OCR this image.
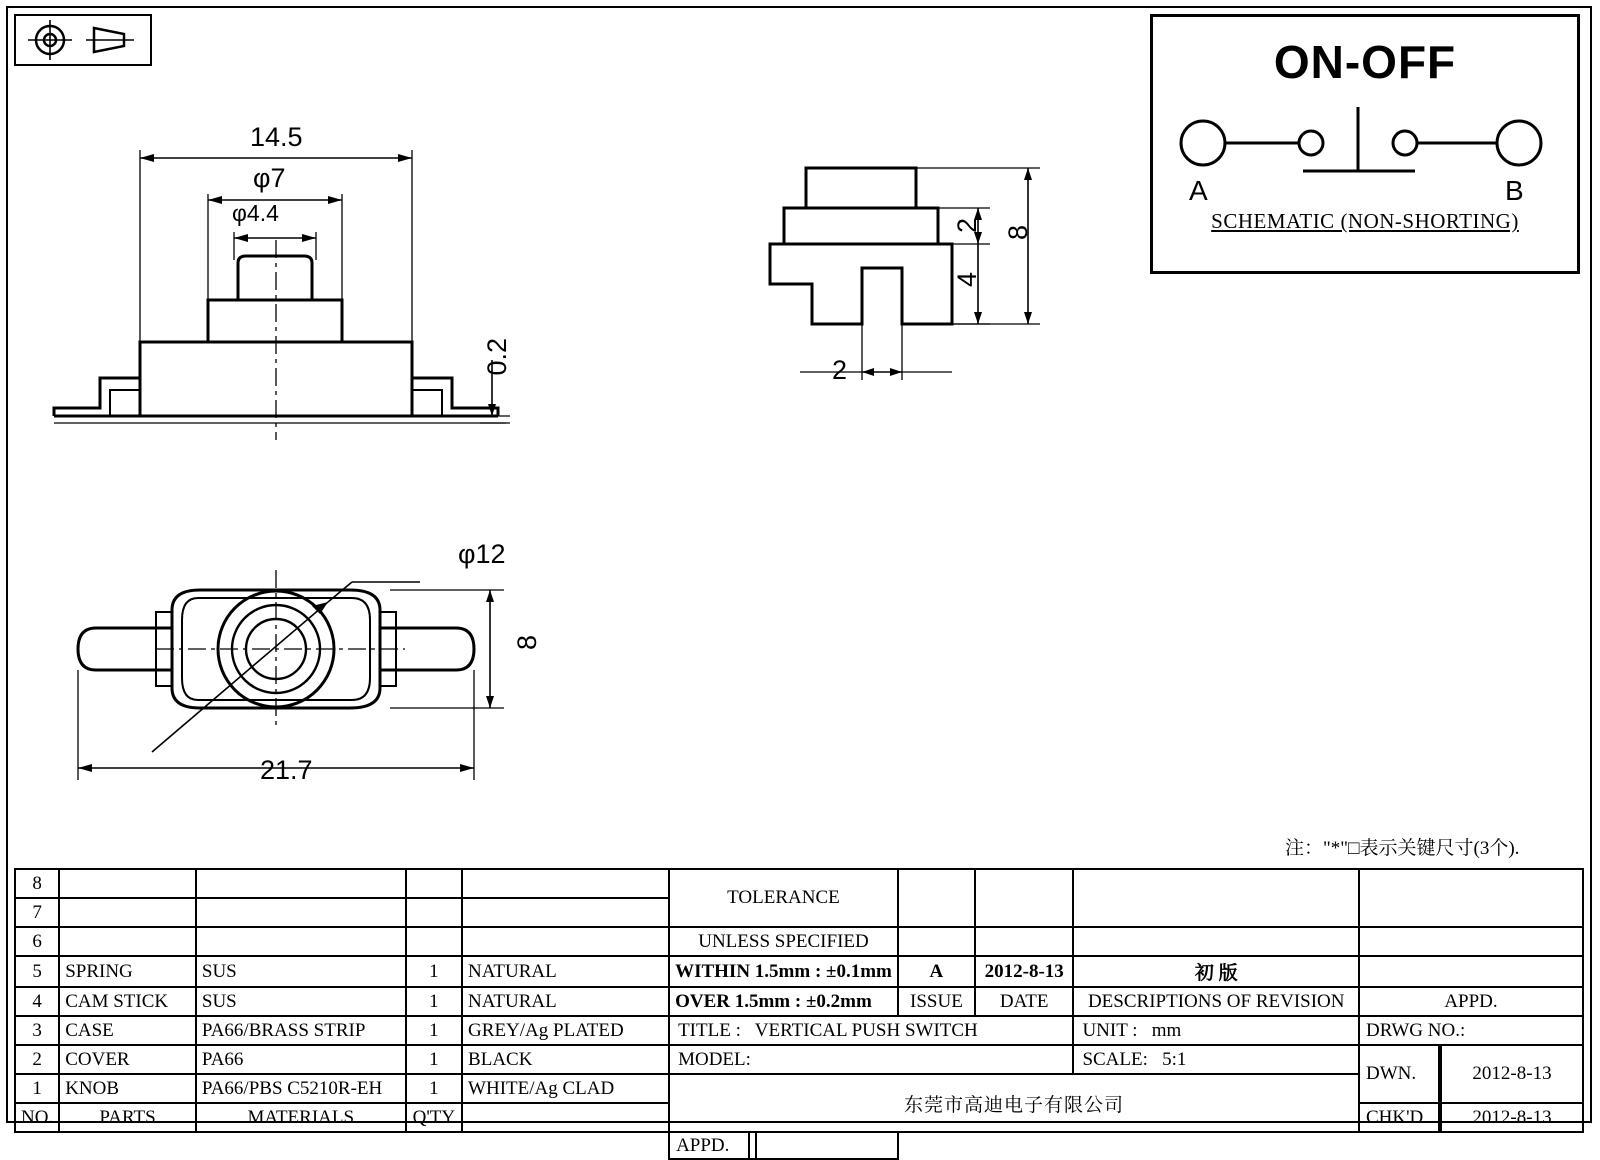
14.5
φ7
φ4.4
0.2
2
4
8
2
φ12
8
21.7
ON-OFF
A	B
SCHEMATIC (NON-SHORTING)
注："*"□表示关键尺寸(3个).
8					TOLERANCE				
7									
6					UNLESS SPECIFIED				
5	SPRING	SUS	1	NATURAL	WITHIN 1.5mm : ±0.1mm	A	2012-8-13	初 版	
4	CAM STICK	SUS	1	NATURAL	OVER 1.5mm : ±0.2mm	ISSUE	DATE	DESCRIPTIONS OF REVISION	APPD.
3	CASE	PA66/BRASS STRIP	1	GREY/Ag PLATED	TITLE : VERTICAL PUSH SWITCH			UNIT : mm	DRWG NO.:
2	COVER	PA66	1	BLACK	MODEL:			SCALE: 5:1	DWN. 2012-8-13

1	KNOB	PA66/PBS C5210R-EH	1	WHITE/Ag CLAD	东莞市高迪电子有限公司				
NO.	PARTS	MATERIALS	Q'TY						CHK'D 2012-8-13

APPD.				
